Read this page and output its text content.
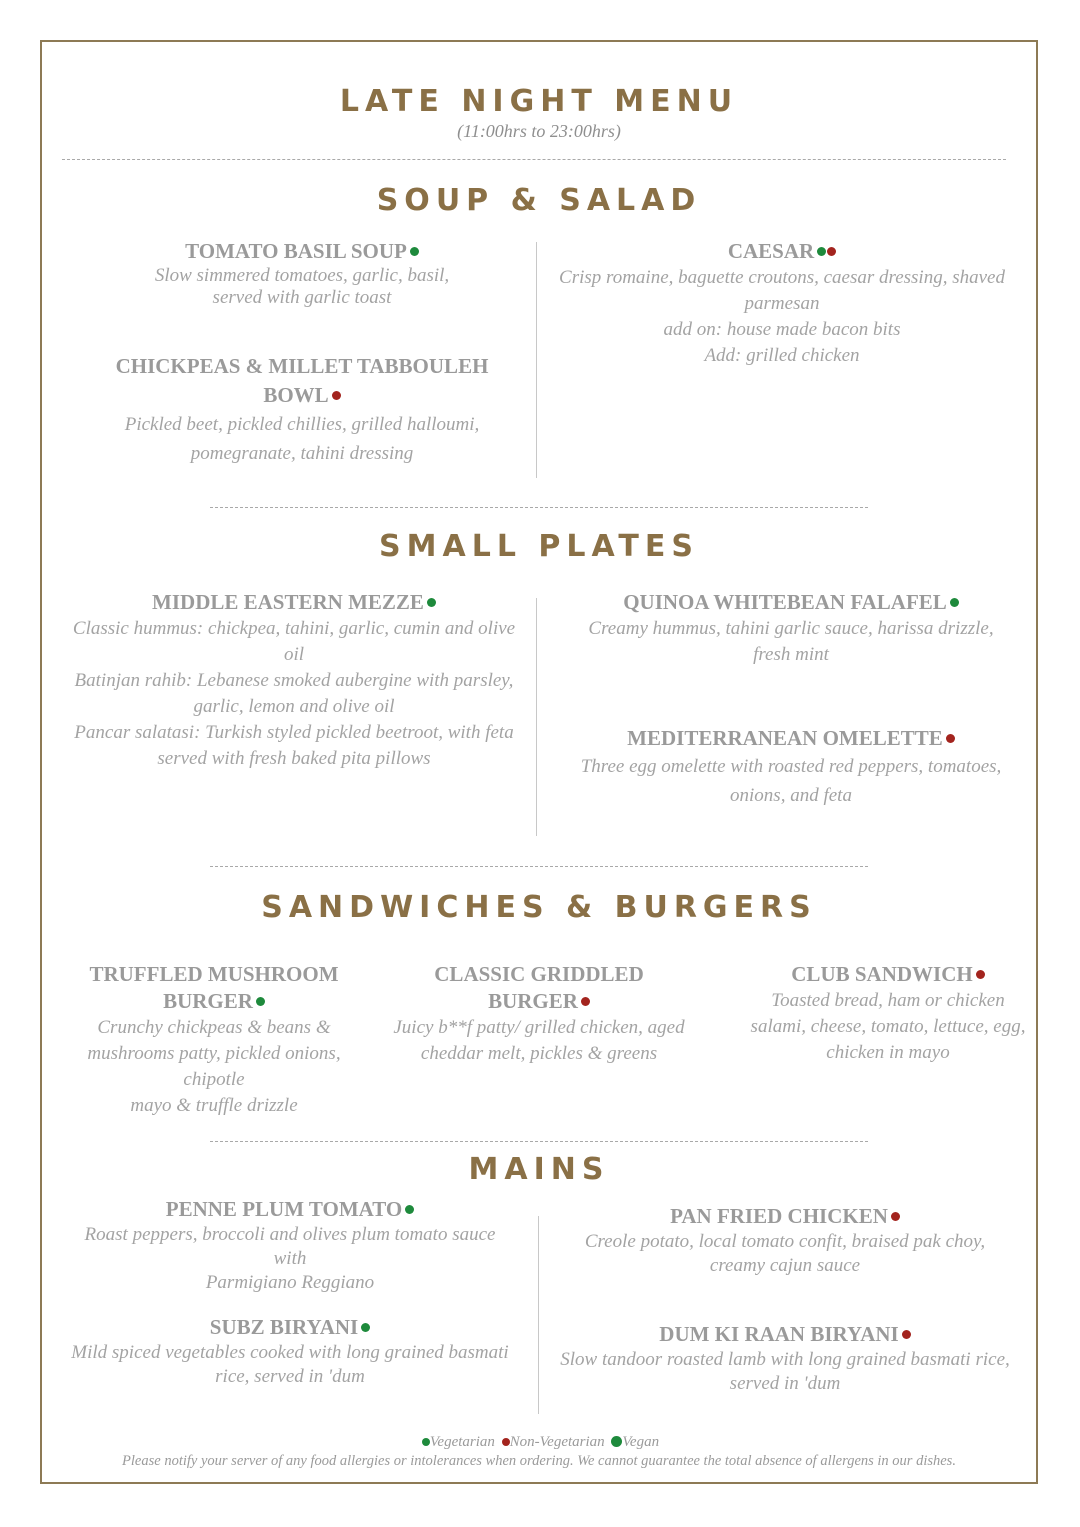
LATE NIGHT MENU
(11:00hrs to 23:00hrs)
SOUP & SALAD
TOMATO BASIL SOUP
Slow simmered tomatoes, garlic, basil,
served with garlic toast
CHICKPEAS & MILLET TABBOULEH
BOWL
Pickled beet, pickled chillies, grilled halloumi,
pomegranate, tahini dressing
CAESAR
Crisp romaine, baguette croutons, caesar dressing, shaved
parmesan
add on: house made bacon bits
Add: grilled chicken
SMALL PLATES
MIDDLE EASTERN MEZZE
Classic hummus: chickpea, tahini, garlic, cumin and olive oil
Batinjan rahib: Lebanese smoked aubergine with parsley,
garlic, lemon and olive oil
Pancar salatasi: Turkish styled pickled beetroot, with feta
served with fresh baked pita pillows
QUINOA WHITEBEAN FALAFEL
Creamy hummus, tahini garlic sauce, harissa drizzle,
fresh mint
MEDITERRANEAN OMELETTE
Three egg omelette with roasted red peppers, tomatoes,
onions, and feta
SANDWICHES & BURGERS
TRUFFLED MUSHROOM
BURGER
Crunchy chickpeas & beans &
mushrooms patty, pickled onions, chipotle
mayo & truffle drizzle
CLASSIC GRIDDLED
BURGER
Juicy b**f patty/ grilled chicken, aged
cheddar melt, pickles & greens
CLUB SANDWICH
Toasted bread, ham or chicken
salami, cheese, tomato, lettuce, egg,
chicken in mayo
MAINS
PENNE PLUM TOMATO
Roast peppers, broccoli and olives plum tomato sauce with
Parmigiano Reggiano
SUBZ BIRYANI
Mild spiced vegetables cooked with long grained basmati
rice, served in 'dum
PAN FRIED CHICKEN
Creole potato, local tomato confit, braised pak choy,
creamy cajun sauce
DUM KI RAAN BIRYANI
Slow tandoor roasted lamb with long grained basmati rice,
served in 'dum
Vegetarian Non-Vegetarian Vegan
Please notify your server of any food allergies or intolerances when ordering. We cannot guarantee the total absence of allergens in our dishes.
